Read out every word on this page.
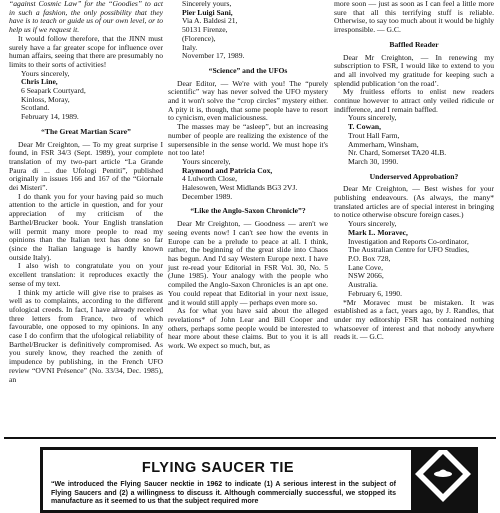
“against Cosmic Law” for the “Goodies” to act in such a fashion, the only possibility that they have is to teach or guide us of our own level, or to help us if we request it.

It would follow therefore, that the JINN must surely have a far greater scope for influence over human affairs, seeing that there are presumably no limits to their sorts of activities!

Yours sincerely,
Chris Line,
6 Seapark Courtyard,
Kinloss, Moray,
Scotland.
February 14, 1989.
“The Great Martian Scare”

Dear Mr Creighton, — To my great surprise I found, in FSR 34/3 (Sept. 1989), your complete translation of my two-part article “La Grande Paura di ... due Ufologi Pentiti”, published originally in issues 166 and 167 of the “Giornale dei Misteri”.

I do thank you for your having paid so much attention to the article in question, and for your appreciation of my criticism of the Barthel/Brucker book. Your English translation will permit many more people to read my opinions than the Italian text has done so far (since the Italian language is hardly known outside Italy).

I also wish to congratulate you on your excellent translation: it reproduces exactly the sense of my text.

I think my article will give rise to praises as well as to complaints, according to the different ufological creeds. In fact, I have already received three letters from France, two of which favourable, one opposed to my opinions. In any case I do confirm that the ufological reliability of Barthel/Brucker is definitively compromised. As you surely know, they reached the zenith of impudence by publishing, in the French UFO review “OVNI Présence” (No. 33/34, Dec. 1985), an

Sincerely yours,
Pier Luigi Sani,
Via A. Baldesi 21,
50131 Firenze,
(Florence),
Italy.
November 17, 1989.
“Science” and the UFOs

Dear Editor, — We're with you! The “purely scientific” way has never solved the UFO mystery and it won't solve the “crop circles” mystery either. A pity it is, though, that some people have to resort to cynicism, even maliciousness.

The masses may be “asleep”, but an increasing number of people are realizing the existence of the supersensible in the sense world. We must hope it's not too late!

Yours sincerely,
Raymond and Patricia Cox,
4 Lulworth Close,
Halesowen, West Midlands BG3 2VJ.
December 1989.
“Like the Anglo-Saxon Chronicle”?

Dear Mr Creighton, — Goodness — aren't we seeing events now! I can't see how the events in Europe can be a prelude to peace at all. I think, rather, the beginning of the great slide into Chaos has begun. And I'd say Western Europe next. I have just re-read your Editorial in FSR Vol. 30, No. 5 (June 1985). Your analogy with the people who compiled the Anglo-Saxon Chronicles is an apt one. You could repeat that Editorial in your next issue, and it would still apply — perhaps even more so.

As for what you have said about the alleged revelations* of John Lear and Bill Cooper and others, perhaps some people would be interested to hear more about these claims. But to you it is all work. We expect so much, but, as

more soon — just as soon as I can feel a little more sure that all this terrifying stuff is reliable. Otherwise, to say too much about it would be highly irresponsible. — G.C.

Baffled Reader

Dear Mr Creighton, — In renewing my subscription to FSR, I would like to extend to you and all involved my gratitude for keeping such a splendid publication ‘on the road’.

My fruitless efforts to enlist new readers continue however to attract only veiled ridicule or indifference, and I remain baffled.

Yours sincerely,
T. Cowan,
Trout Hall Farm,
Ammerham, Winsham,
Nr. Chard, Somerset TA20 4LB.
March 30, 1990.
Underserved Approbation?

Dear Mr Creighton, — Best wishes for your publishing endeavours. (As always, the many* translated articles are of special interest in bringing to notice otherwise obscure foreign cases.)

Yours sincerely,
Mark L. Moravec,
Investigation and Reports Co-ordinator,
The Australian Centre for UFO Studies,
P.O. Box 728,
Lane Cove,
NSW 2066,
Australia.
February 6, 1990.

*Mr Moravec must be mistaken. It was established as a fact, years ago, by J. Randles, that under my editorship FSR has contained nothing whatsoever of interest and that nobody anywhere reads it. — G.C.

FLYING SAUCER TIE
“We introduced the Flying Saucer necktie in 1962 to indicate (1) A serious interest in the subject of Flying Saucers and (2) a willingness to discuss it. Although commercially successful, we stopped its manufacture as it seemed to us that the subject required more
